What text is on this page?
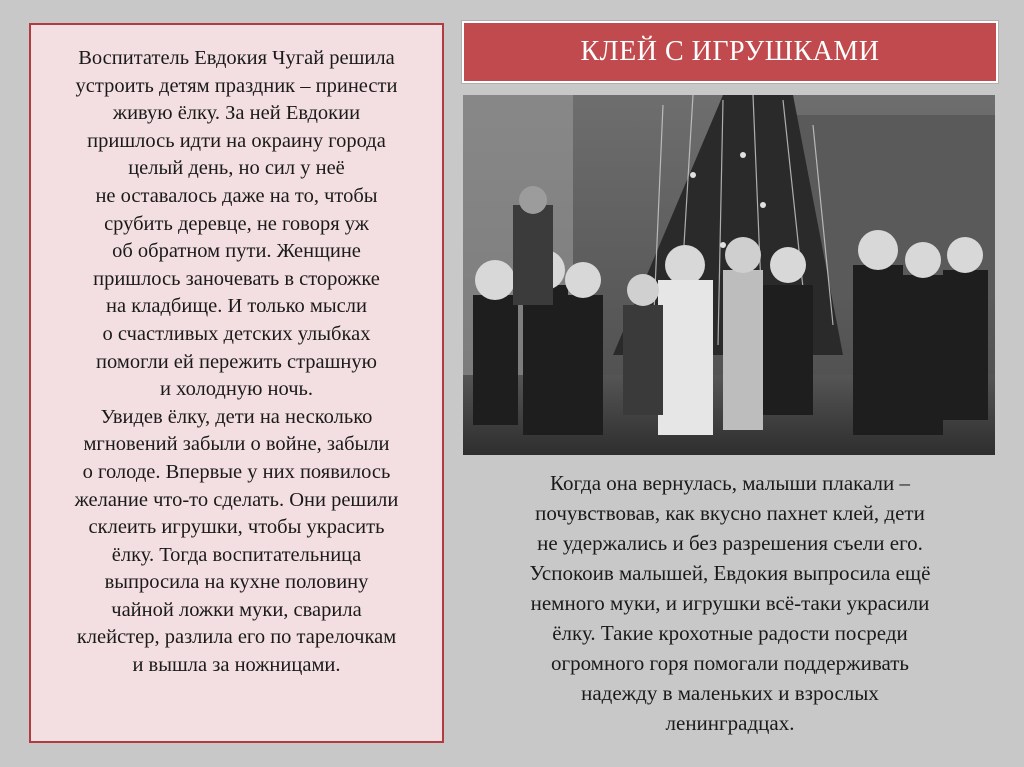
Воспитатель Евдокия Чугай решила
устроить детям праздник – принести
живую ёлку. За ней Евдокии
пришлось идти на окраину города
целый день, но сил у неё
не оставалось даже на то, чтобы
срубить деревце, не говоря уж
об обратном пути. Женщине
пришлось заночевать в сторожке
на кладбище. И только мысли
о счастливых детских улыбках
помогли ей пережить страшную
и холодную ночь.
Увидев ёлку, дети на несколько
мгновений забыли о войне, забыли
о голоде. Впервые у них появилось
желание что-то сделать. Они решили
склеить игрушки, чтобы украсить
ёлку. Тогда воспитательница
выпросила на кухне половину
чайной ложки муки, сварила
клейстер, разлила его по тарелочкам
и вышла за ножницами.

КЛЕЙ С ИГРУШКАМИ

Когда она вернулась, малыши плакали –
почувствовав, как вкусно пахнет клей, дети
не удержались и без разрешения съели его.
Успокоив малышей, Евдокия выпросила ещё
немного муки, и игрушки всё-таки украсили
ёлку. Такие крохотные радости посреди
огромного горя помогали поддерживать
надежду в маленьких и взрослых
ленинградцах.
